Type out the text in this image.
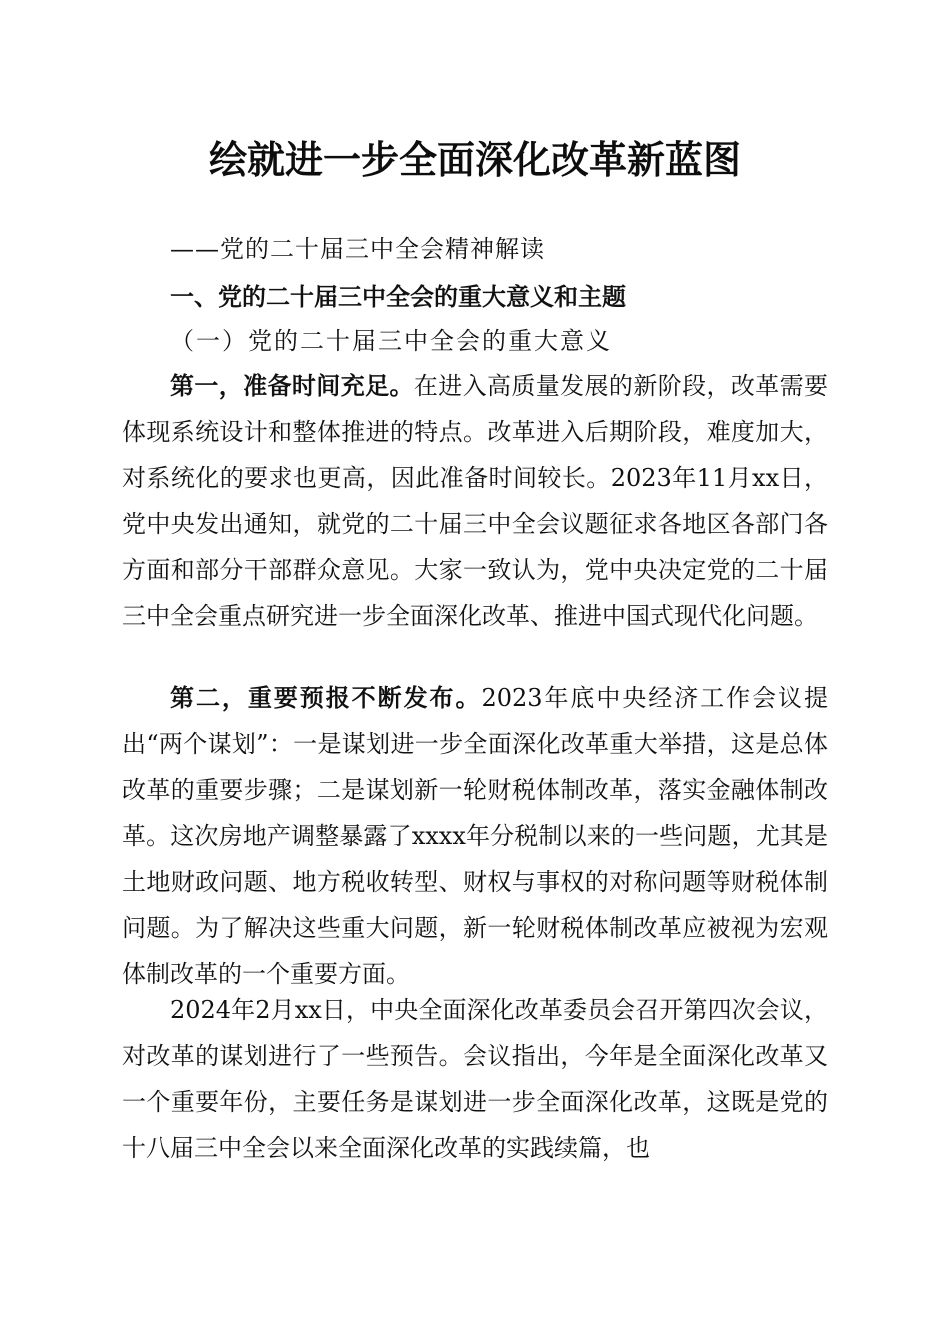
绘就进一步全面深化改革新蓝图
——党的二十届三中全会精神解读
一、党的二十届三中全会的重大意义和主题
（一）党的二十届三中全会的重大意义

第一，准备时间充足。在进入高质量发展的新阶段，改革需要体现系统设计和整体推进的特点。改革进入后期阶段，难度加大，对系统化的要求也更高，因此准备时间较长。2023年11月xx日，党中央发出通知，就党的二十届三中全会议题征求各地区各部门各方面和部分干部群众意见。大家一致认为，党中央决定党的二十届三中全会重点研究进一步全面深化改革、推进中国式现代化问题。

第二，重要预报不断发布。2023年底中央经济工作会议提出“两个谋划”：一是谋划进一步全面深化改革重大举措，这是总体改革的重要步骤；二是谋划新一轮财税体制改革，落实金融体制改革。这次房地产调整暴露了xxxx年分税制以来的一些问题，尤其是土地财政问题、地方税收转型、财权与事权的对称问题等财税体制问题。为了解决这些重大问题，新一轮财税体制改革应被视为宏观体制改革的一个重要方面。

2024年2月xx日，中央全面深化改革委员会召开第四次会议，对改革的谋划进行了一些预告。会议指出，今年是全面深化改革又一个重要年份，主要任务是谋划进一步全面深化改革，这既是党的十八届三中全会以来全面深化改革的实践续篇，也
